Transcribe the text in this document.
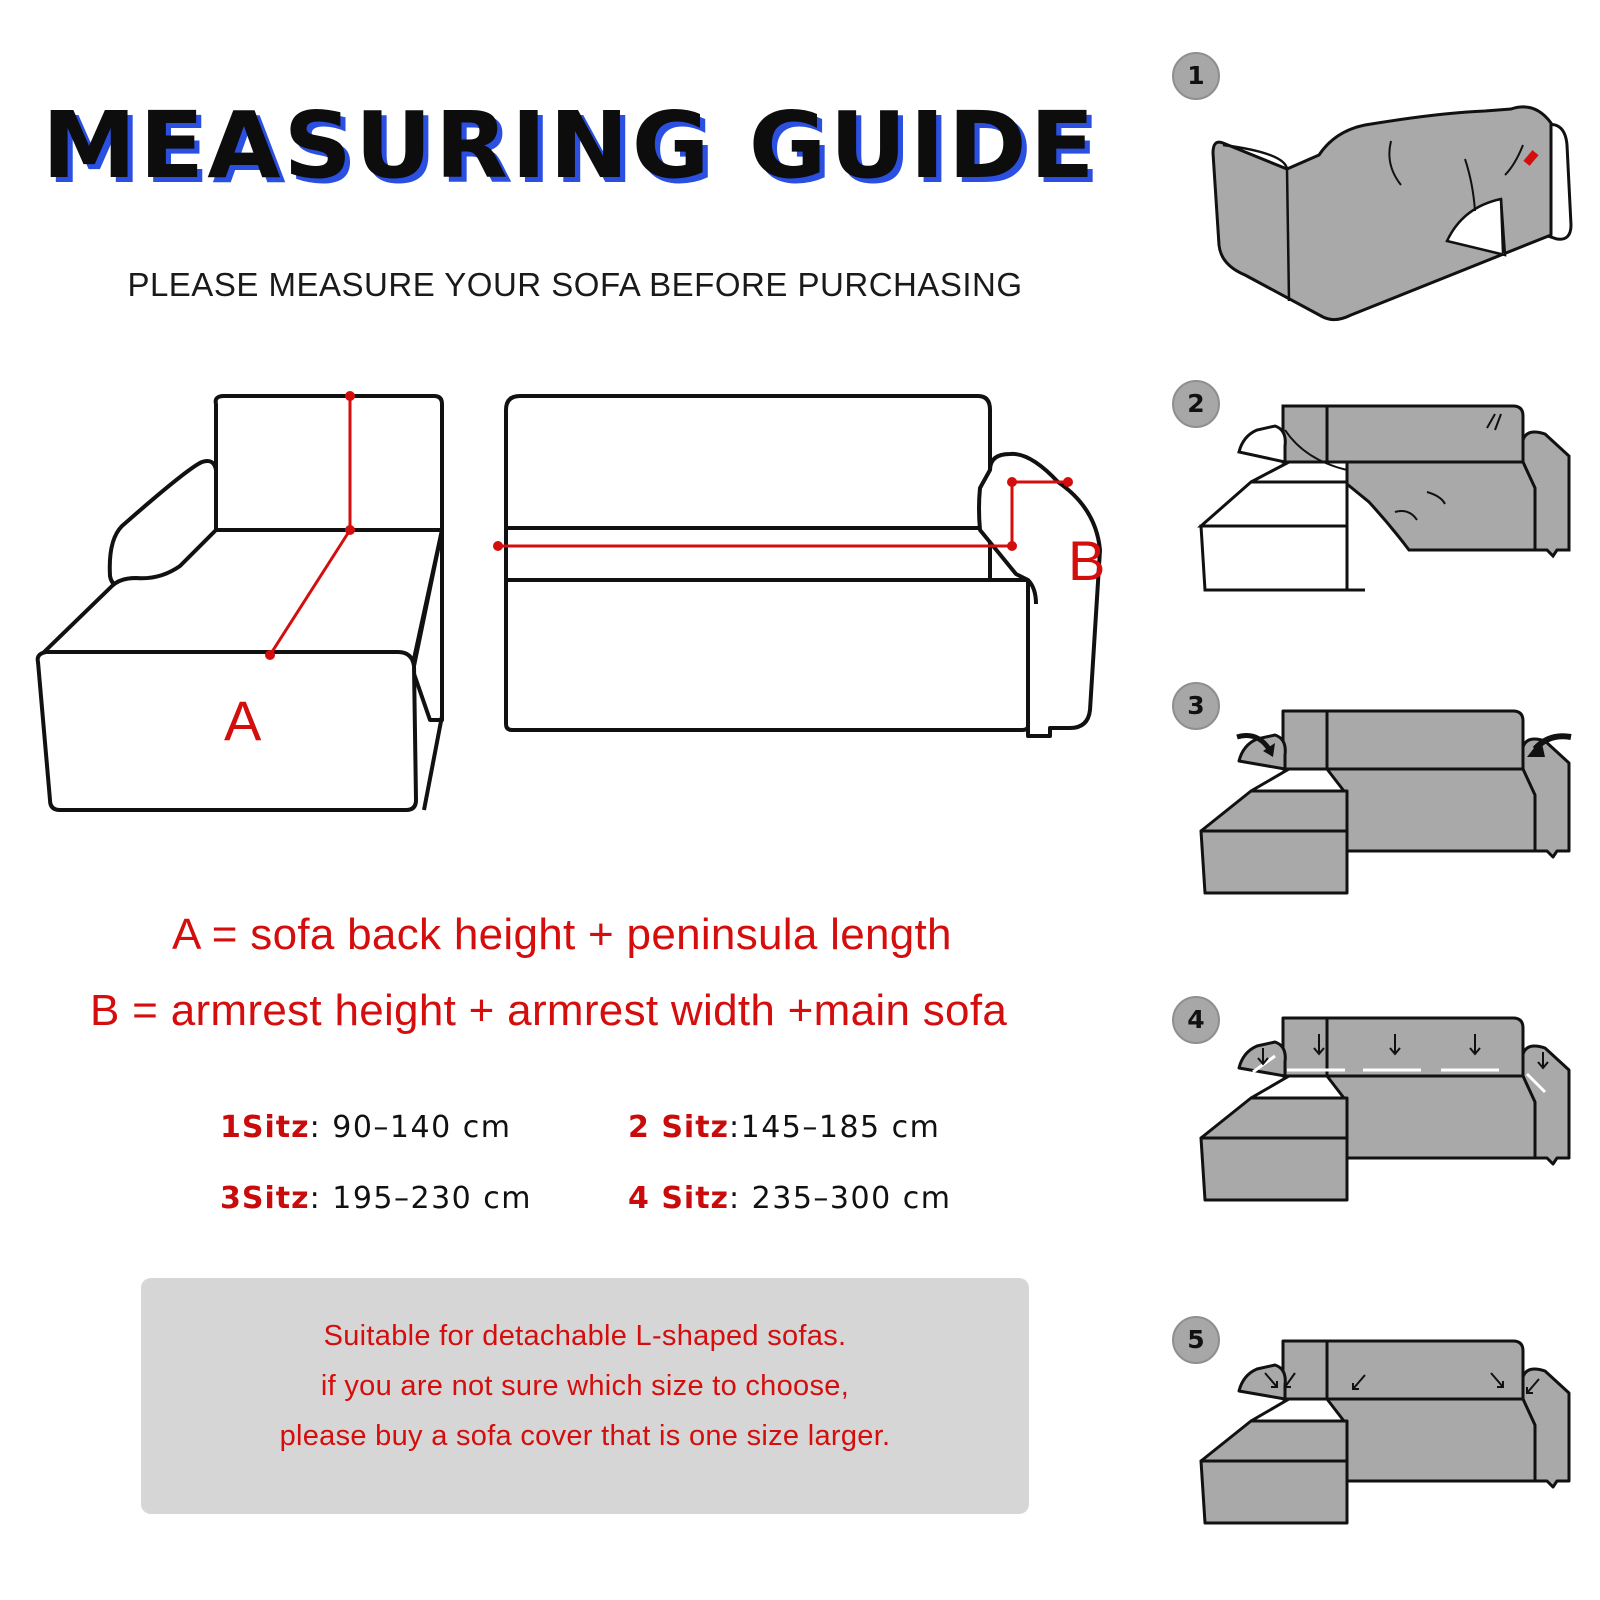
MEASURING GUIDE
PLEASE MEASURE YOUR SOFA BEFORE PURCHASING
A
B
A = sofa back height + peninsula length
B = armrest height + armrest width +main sofa
1Sitz: 90–140 cm	2 Sitz:145–185 cm
3Sitz: 195–230 cm	4 Sitz: 235–300 cm
Suitable for detachable L-shaped sofas.
if you are not sure which size to choose,
please buy a sofa cover that is one size larger.
1
2
3
4
5
